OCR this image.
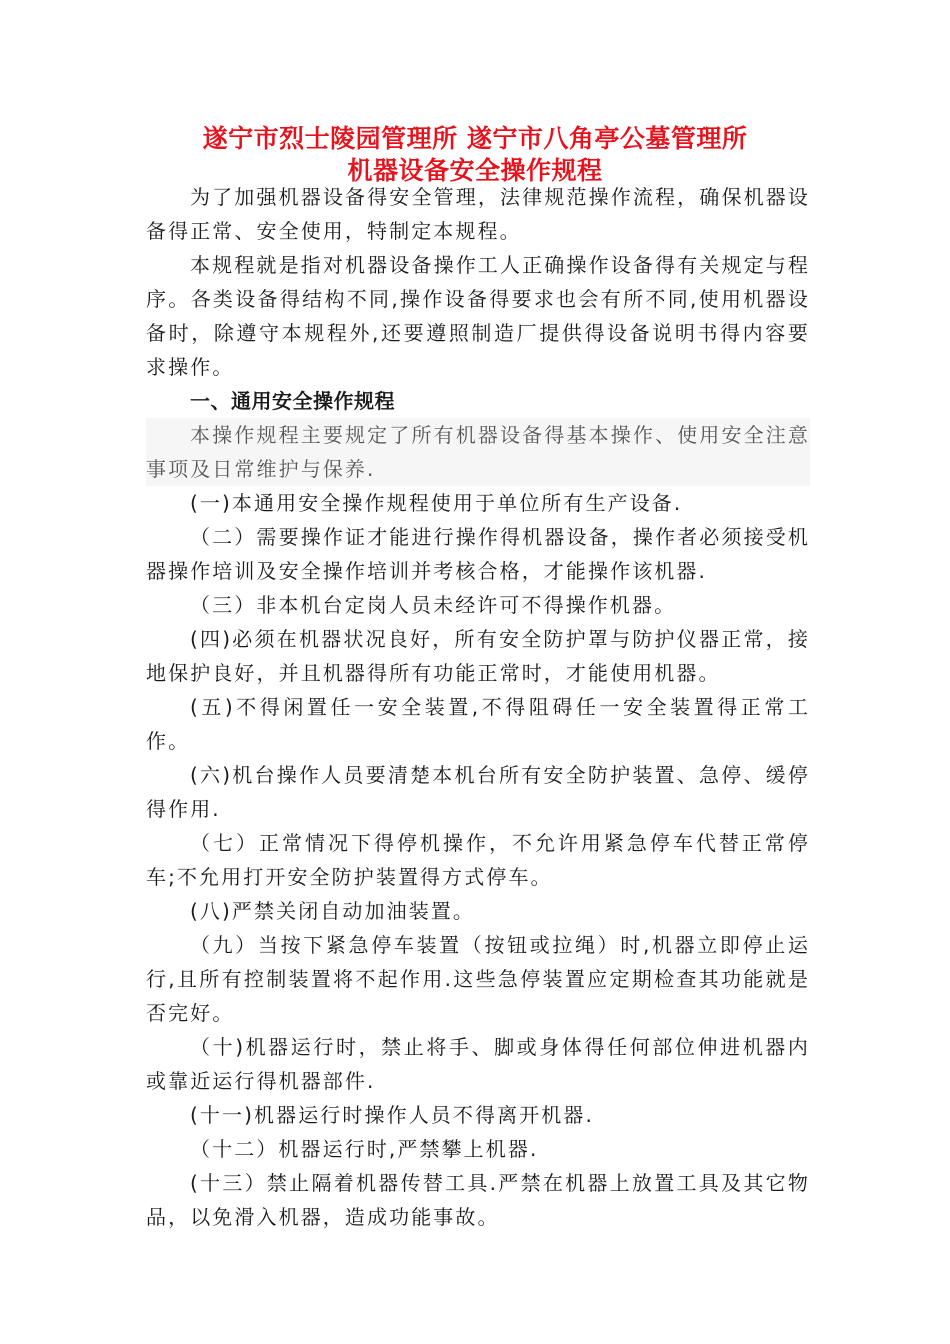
遂宁市烈士陵园管理所 遂宁市八角亭公墓管理所
机器设备安全操作规程

为了加强机器设备得安全管理，法律规范操作流程，确保机器设备得正常、安全使用，特制定本规程。

本规程就是指对机器设备操作工人正确操作设备得有关规定与程序。各类设备得结构不同,操作设备得要求也会有所不同,使用机器设备时，除遵守本规程外,还要遵照制造厂提供得设备说明书得内容要求操作。

一、通用安全操作规程

本操作规程主要规定了所有机器设备得基本操作、使用安全注意事项及日常维护与保养.

(一)本通用安全操作规程使用于单位所有生产设备.

（二）需要操作证才能进行操作得机器设备，操作者必须接受机器操作培训及安全操作培训并考核合格，才能操作该机器.

（三）非本机台定岗人员未经许可不得操作机器。

(四)必须在机器状况良好，所有安全防护罩与防护仪器正常，接地保护良好，并且机器得所有功能正常时，才能使用机器。

(五)不得闲置任一安全装置,不得阻碍任一安全装置得正常工作。

(六)机台操作人员要清楚本机台所有安全防护装置、急停、缓停得作用.

（七）正常情况下得停机操作，不允许用紧急停车代替正常停车;不允用打开安全防护装置得方式停车。

(八)严禁关闭自动加油装置。

（九）当按下紧急停车装置（按钮或拉绳）时,机器立即停止运行,且所有控制装置将不起作用.这些急停装置应定期检查其功能就是否完好。

（十)机器运行时，禁止将手、脚或身体得任何部位伸进机器内或靠近运行得机器部件.

(十一)机器运行时操作人员不得离开机器.

（十二）机器运行时,严禁攀上机器.

(十三）禁止隔着机器传替工具.严禁在机器上放置工具及其它物品，以免滑入机器，造成功能事故。
